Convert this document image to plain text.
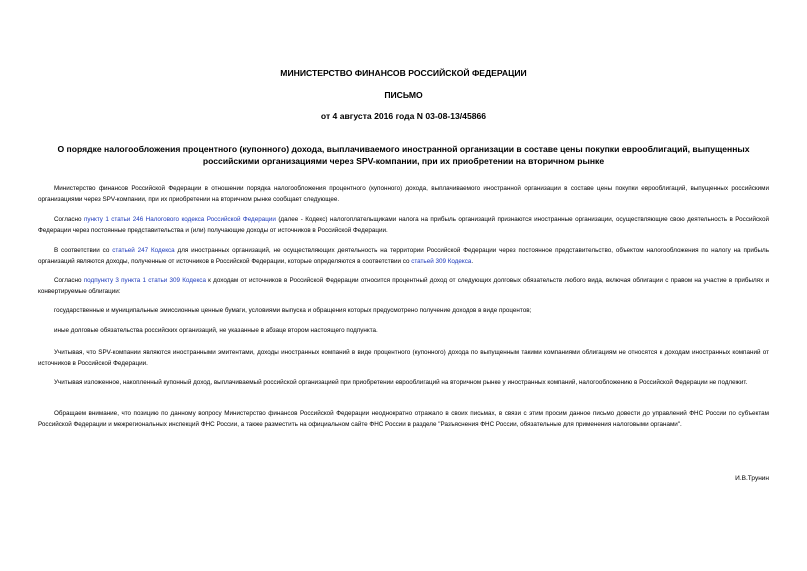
МИНИСТЕРСТВО ФИНАНСОВ РОССИЙСКОЙ ФЕДЕРАЦИИ
ПИСЬМО
от 4 августа 2016 года N 03-08-13/45866
О порядке налогообложения процентного (купонного) дохода, выплачиваемого иностранной организации в составе цены покупки еврооблигаций, выпущенных российскими организациями через SPV-компании, при их приобретении на вторичном рынке
Министерство финансов Российской Федерации в отношении порядка налогообложения процентного (купонного) дохода, выплачиваемого иностранной организации в составе цены покупки еврооблигаций, выпущенных российскими организациями через SPV-компании, при их приобретении на вторичном рынке сообщает следующее.
Согласно пункту 1 статьи 246 Налогового кодекса Российской Федерации (далее - Кодекс) налогоплательщиками налога на прибыль организаций признаются иностранные организации, осуществляющие свою деятельность в Российской Федерации через постоянные представительства и (или) получающие доходы от источников в Российской Федерации.
В соответствии со статьей 247 Кодекса для иностранных организаций, не осуществляющих деятельность на территории Российской Федерации через постоянное представительство, объектом налогообложения по налогу на прибыль организаций являются доходы, полученные от источников в Российской Федерации, которые определяются в соответствии со статьей 309 Кодекса.
Согласно подпункту 3 пункта 1 статьи 309 Кодекса к доходам от источников в Российской Федерации относится процентный доход от следующих долговых обязательств любого вида, включая облигации с правом на участие в прибылях и конвертируемые облигации:
государственные и муниципальные эмиссионные ценные бумаги, условиями выпуска и обращения которых предусмотрено получение доходов в виде процентов;
иные долговые обязательства российских организаций, не указанные в абзаце втором настоящего подпункта.
Учитывая, что SPV-компании являются иностранными эмитентами, доходы иностранных компаний в виде процентного (купонного) дохода по выпущенным такими компаниями облигациям не относятся к доходам иностранных компаний от источников в Российской Федерации.
Учитывая изложенное, накопленный купонный доход, выплачиваемый российской организацией при приобретении еврооблигаций на вторичном рынке у иностранных компаний, налогообложению в Российской Федерации не подлежит.
Обращаем внимание, что позицию по данному вопросу Министерство финансов Российской Федерации неоднократно отражало в своих письмах, в связи с этим просим данное письмо довести до управлений ФНС России по субъектам Российской Федерации и межрегиональных инспекций ФНС России, а также разместить на официальном сайте ФНС России в разделе "Разъяснения ФНС России, обязательные для применения налоговыми органами".
И.В.Трунин
